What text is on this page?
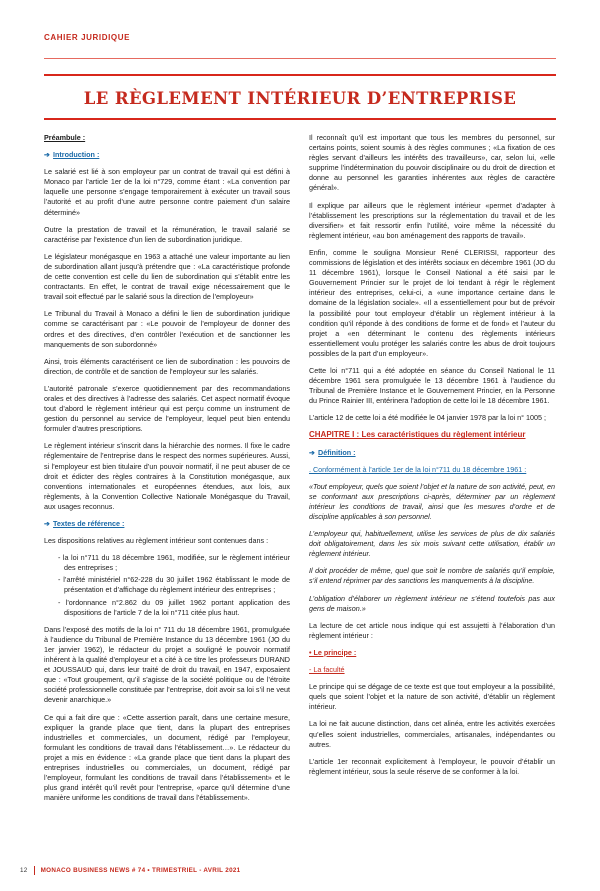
CAHIER JURIDIQUE
LE RÈGLEMENT INTÉRIEUR D’ENTREPRISE

Préambule :

➔ Introduction :

Le salarié est lié à son employeur par un contrat de travail qui est défini à Monaco par l’article 1er de la loi n°729, comme étant : «La convention par laquelle une personne s’engage temporairement à exécuter un travail sous l’autorité et au profit d’une autre personne contre paiement d’un salaire déterminé»

Outre la prestation de travail et la rémunération, le travail salarié se caractérise par l’existence d’un lien de subordination juridique.

Le législateur monégasque en 1963 a attaché une valeur importante au lien de subordination allant jusqu’à prétendre que : «La caractéristique profonde de cette convention est celle du lien de subordination qui s’établit entre les contractants. En effet, le contrat de travail exige nécessairement que le travail soit effectué par le salarié sous la direction de l’employeur»

Le Tribunal du Travail à Monaco a défini le lien de subordination juridique comme se caractérisant par : «Le pouvoir de l’employeur de donner des ordres et des directives, d’en contrôler l’exécution et de sanctionner les manquements de son subordonné»

Ainsi, trois éléments caractérisent ce lien de subordination : les pouvoirs de direction, de contrôle et de sanction de l’employeur sur les salariés.

L’autorité patronale s’exerce quotidiennement par des recommandations orales et des directives à l’adresse des salariés. Cet aspect normatif évoque tout d’abord le règlement intérieur qui est perçu comme un instrument de gestion du personnel au service de l’employeur, lequel peut bien entendu formuler d’autres prescriptions.

Le règlement intérieur s’inscrit dans la hiérarchie des normes. Il fixe le cadre réglementaire de l’entreprise dans le respect des normes supérieures. Aussi, si l’employeur est bien titulaire d’un pouvoir normatif, il ne peut abuser de ce droit et édicter des règles contraires à la Constitution monégasque, aux conventions internationales et européennes étendues, aux lois, aux règlements, à la Convention Collective Nationale Monégasque du Travail, aux usages reconnus.

➔ Textes de référence :

Les dispositions relatives au règlement intérieur sont contenues dans :

- la loi n°711 du 18 décembre 1961, modifiée, sur le règlement intérieur des entreprises ;
- l’arrêté ministériel n°62-228 du 30 juillet 1962 établissant le mode de présentation et d’affichage du règlement intérieur des entreprises ;
- l’ordonnance n°2.862 du 09 juillet 1962 portant application des dispositions de l’article 7 de la loi n°711 citée plus haut.

Dans l’exposé des motifs de la loi n° 711 du 18 décembre 1961, promulguée à l’audience du Tribunal de Première Instance du 13 décembre 1961 (JO du 1er janvier 1962), le rédacteur du projet a souligné le pouvoir normatif inhérent à la qualité d’employeur et a cité à ce titre les professeurs DURAND et JOUSSAUD qui, dans leur traité de droit du travail, en 1947, exposaient que : «Tout groupement, qu’il s’agisse de la société politique ou de l’étroite société professionnelle constituée par l’entreprise, doit avoir sa loi s’il ne veut devenir anarchique.»

Ce qui a fait dire que : «Cette assertion paraît, dans une certaine mesure, expliquer la grande place que tient, dans la plupart des entreprises industrielles et commerciales, un document, rédigé par l’employeur, formulant les conditions de travail dans l’établissement…». Le rédacteur du projet a mis en évidence : «La grande place que tient dans la plupart des entreprises industrielles ou commerciales, un document, rédigé par l’employeur, formulant les conditions de travail dans l’établissement» et le plus grand intérêt qu’il revêt pour l’entreprise, «parce qu’il détermine d’une manière uniforme les conditions de travail dans l’établissement».

Il reconnaît qu’il est important que tous les membres du personnel, sur certains points, soient soumis à des règles communes ; «La fixation de ces règles servant d’ailleurs les intérêts des travailleurs», car, selon lui, «elle supprime l’indétermination du pouvoir disciplinaire ou du droit de direction et donne au personnel les garanties inhérentes aux règles de caractère général».

Il explique par ailleurs que le règlement intérieur «permet d’adapter à l’établissement les prescriptions sur la réglementation du travail et de les diversifier» et fait ressortir enfin l’utilité, voire même la nécessité du règlement intérieur, «au bon aménagement des rapports de travail».

Enfin, comme le soulignа Monsieur René CLERISSI, rapporteur des commissions de législation et des intérêts sociaux en décembre 1961 (JO du 11 décembre 1961), lorsque le Conseil National a été saisi par le Gouvernement Princier sur le projet de loi tendant à régir le règlement intérieur des entreprises, celui-ci, a «une importance certaine dans le domaine de la législation sociale». «Il a essentiellement pour but de prévoir la possibilité pour tout employeur d’établir un règlement intérieur à la condition qu’il réponde à des conditions de forme et de fond» et l’auteur du projet a «en déterminant le contenu des règlements intérieurs essentiellement voulu protéger les salariés contre les abus de droit toujours possibles de la part d’un employeur».

Cette loi n°711 qui a été adoptée en séance du Conseil National le 11 décembre 1961 sera promulguée le 13 décembre 1961 à l’audience du Tribunal de Première Instance et le Gouvernement Princier, en la Personne du Prince Rainier III, entérinera l’adoption de cette loi le 18 décembre 1961.

L’article 12 de cette loi a été modifiée le 04 janvier 1978 par la loi n° 1005 ;

CHAPITRE I : Les caractéristiques du règlement intérieur

➔ Définition :

. Conformément à l’article 1er de la loi n°711 du 18 décembre 1961 :

«Tout employeur, quels que soient l’objet et la nature de son activité, peut, en se conformant aux prescriptions ci-après, déterminer par un règlement intérieur les conditions de travail, ainsi que les mesures d’ordre et de discipline applicables à son personnel.

L’employeur qui, habituellement, utilise les services de plus de dix salariés doit obligatoirement, dans les six mois suivant cette utilisation, établir un règlement intérieur.

Il doit procéder de même, quel que soit le nombre de salariés qu’il emploie, s’il entend réprimer par des sanctions les manquements à la discipline.

L’obligation d’élaborer un règlement intérieur ne s’étend toutefois pas aux gens de maison.»

La lecture de cet article nous indique qui est assujetti à l’élaboration d’un règlement intérieur :

• Le principe :

- La faculté

Le principe qui se dégage de ce texte est que tout employeur a la possibilité, quels que soient l’objet et la nature de son activité, d’établir un règlement intérieur.

La loi ne fait aucune distinction, dans cet alinéa, entre les activités exercées qu’elles soient industrielles, commerciales, artisanales, indépendantes ou autres.

L’article 1er reconnait explicitement à l’employeur, le pouvoir d’établir un règlement intérieur, sous la seule réserve de se conformer à la loi.

12 MONACO BUSINESS NEWS # 74 • TRIMESTRIEL - AVRIL 2021
